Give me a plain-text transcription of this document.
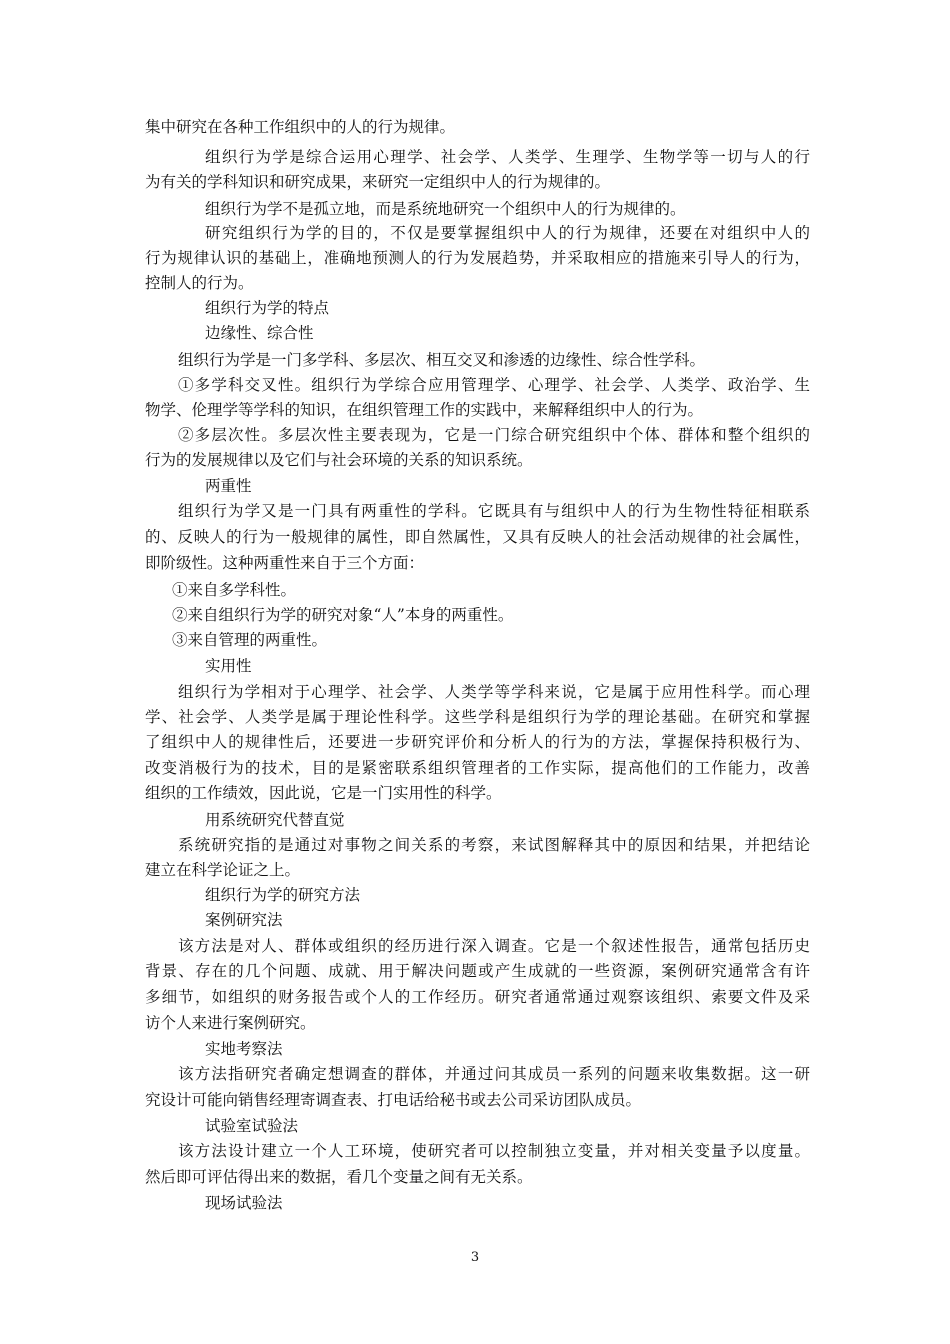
集中研究在各种工作组织中的人的行为规律。
组织行为学是综合运用心理学、社会学、人类学、生理学、生物学等一切与人的行
为有关的学科知识和研究成果，来研究一定组织中人的行为规律的。
组织行为学不是孤立地，而是系统地研究一个组织中人的行为规律的。
研究组织行为学的目的，不仅是要掌握组织中人的行为规律，还要在对组织中人的
行为规律认识的基础上，准确地预测人的行为发展趋势，并采取相应的措施来引导人的行为，
控制人的行为。
组织行为学的特点
边缘性、综合性
组织行为学是一门多学科、多层次、相互交叉和渗透的边缘性、综合性学科。
①多学科交叉性。组织行为学综合应用管理学、心理学、社会学、人类学、政治学、生
物学、伦理学等学科的知识，在组织管理工作的实践中，来解释组织中人的行为。
②多层次性。多层次性主要表现为，它是一门综合研究组织中个体、群体和整个组织的
行为的发展规律以及它们与社会环境的关系的知识系统。
两重性
组织行为学又是一门具有两重性的学科。它既具有与组织中人的行为生物性特征相联系
的、反映人的行为一般规律的属性，即自然属性，又具有反映人的社会活动规律的社会属性，
即阶级性。这种两重性来自于三个方面：
①来自多学科性。
②来自组织行为学的研究对象“人”本身的两重性。
③来自管理的两重性。
实用性
组织行为学相对于心理学、社会学、人类学等学科来说，它是属于应用性科学。而心理
学、社会学、人类学是属于理论性科学。这些学科是组织行为学的理论基础。在研究和掌握
了组织中人的规律性后，还要进一步研究评价和分析人的行为的方法，掌握保持积极行为、
改变消极行为的技术，目的是紧密联系组织管理者的工作实际，提高他们的工作能力，改善
组织的工作绩效，因此说，它是一门实用性的科学。
用系统研究代替直觉
系统研究指的是通过对事物之间关系的考察，来试图解释其中的原因和结果，并把结论
建立在科学论证之上。
组织行为学的研究方法
案例研究法
该方法是对人、群体或组织的经历进行深入调查。它是一个叙述性报告，通常包括历史
背景、存在的几个问题、成就、用于解决问题或产生成就的一些资源，案例研究通常含有许
多细节，如组织的财务报告或个人的工作经历。研究者通常通过观察该组织、索要文件及采
访个人来进行案例研究。
实地考察法
该方法指研究者确定想调查的群体，并通过问其成员一系列的问题来收集数据。这一研
究设计可能向销售经理寄调查表、打电话给秘书或去公司采访团队成员。
试验室试验法
该方法设计建立一个人工环境，使研究者可以控制独立变量，并对相关变量予以度量。
然后即可评估得出来的数据，看几个变量之间有无关系。
现场试验法
3
